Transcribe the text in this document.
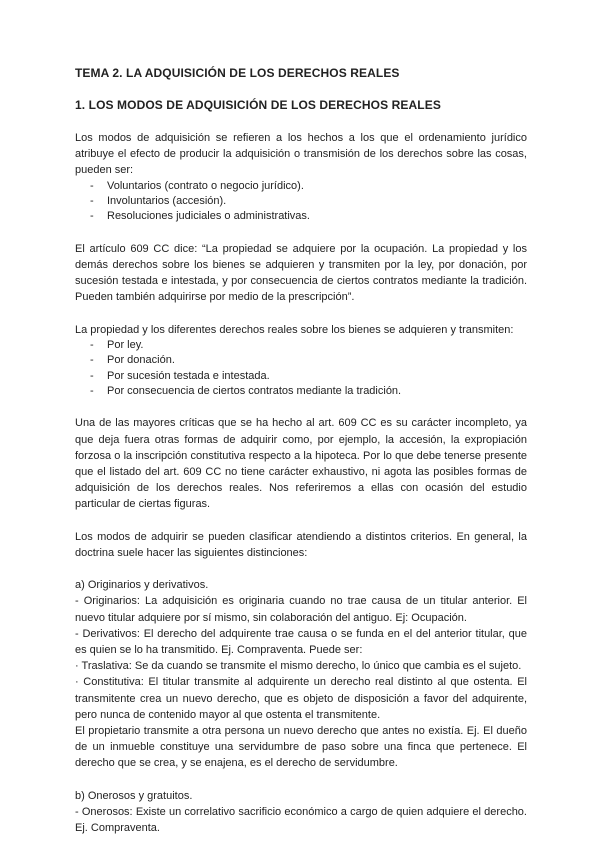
TEMA 2. LA ADQUISICIÓN DE LOS DERECHOS REALES
1. LOS MODOS DE ADQUISICIÓN DE LOS DERECHOS REALES

Los modos de adquisición se refieren a los hechos a los que el ordenamiento jurídico atribuye el efecto de producir la adquisición o transmisión de los derechos sobre las cosas, pueden ser:

- Voluntarios (contrato o negocio jurídico).
- Involuntarios (accesión).
- Resoluciones judiciales o administrativas.

El artículo 609 CC dice: “La propiedad se adquiere por la ocupación. La propiedad y los demás derechos sobre los bienes se adquieren y transmiten por la ley, por donación, por sucesión testada e intestada, y por consecuencia de ciertos contratos mediante la tradición. Pueden también adquirirse por medio de la prescripción”.

La propiedad y los diferentes derechos reales sobre los bienes se adquieren y transmiten:

- Por ley.
- Por donación.
- Por sucesión testada e intestada.
- Por consecuencia de ciertos contratos mediante la tradición.

Una de las mayores críticas que se ha hecho al art. 609 CC es su carácter incompleto, ya que deja fuera otras formas de adquirir como, por ejemplo, la accesión, la expropiación forzosa o la inscripción constitutiva respecto a la hipoteca. Por lo que debe tenerse presente que el listado del art. 609 CC no tiene carácter exhaustivo, ni agota las posibles formas de adquisición de los derechos reales. Nos referiremos a ellas con ocasión del estudio particular de ciertas figuras.

Los modos de adquirir se pueden clasificar atendiendo a distintos criterios. En general, la doctrina suele hacer las siguientes distinciones:

a) Originarios y derivativos.

- Originarios: La adquisición es originaria cuando no trae causa de un titular anterior. El nuevo titular adquiere por sí mismo, sin colaboración del antiguo. Ej: Ocupación.

- Derivativos: El derecho del adquirente trae causa o se funda en el del anterior titular, que es quien se lo ha transmitido. Ej. Compraventa. Puede ser:

· Traslativa: Se da cuando se transmite el mismo derecho, lo único que cambia es el sujeto.

· Constitutiva: El titular transmite al adquirente un derecho real distinto al que ostenta. El transmitente crea un nuevo derecho, que es objeto de disposición a favor del adquirente, pero nunca de contenido mayor al que ostenta el transmitente.

El propietario transmite a otra persona un nuevo derecho que antes no existía. Ej. El dueño de un inmueble constituye una servidumbre de paso sobre una finca que pertenece. El derecho que se crea, y se enajena, es el derecho de servidumbre.

b) Onerosos y gratuitos.

- Onerosos: Existe un correlativo sacrificio económico a cargo de quien adquiere el derecho. Ej. Compraventa.
